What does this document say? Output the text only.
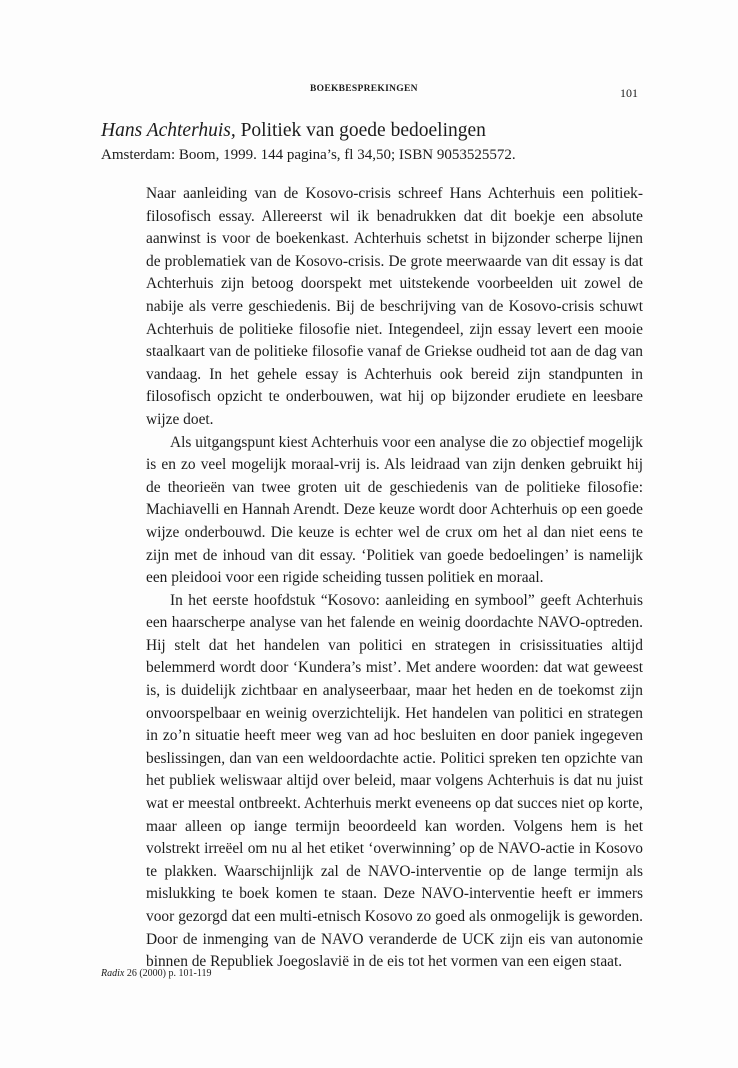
BOEKBESPREKINGEN	101
Hans Achterhuis, Politiek van goede bedoelingen
Amsterdam: Boom, 1999. 144 pagina’s, fl 34,50; ISBN 9053525572.

Naar aanleiding van de Kosovo-crisis schreef Hans Achterhuis een politiek-filosofisch essay. Allereerst wil ik benadrukken dat dit boekje een absolute aanwinst is voor de boekenkast. Achterhuis schetst in bijzonder scherpe lijnen de problematiek van de Kosovo-crisis. De grote meerwaarde van dit essay is dat Achterhuis zijn betoog doorspekt met uitstekende voorbeelden uit zowel de nabije als verre geschiedenis. Bij de beschrijving van de Kosovo-crisis schuwt Achterhuis de politieke filosofie niet. Integendeel, zijn essay levert een mooie staalkaart van de politieke filosofie vanaf de Griekse oudheid tot aan de dag van vandaag. In het gehele essay is Achterhuis ook bereid zijn standpunten in filosofisch opzicht te onderbouwen, wat hij op bijzonder erudiete en leesbare wijze doet.

Als uitgangspunt kiest Achterhuis voor een analyse die zo objectief mogelijk is en zo veel mogelijk moraal-vrij is. Als leidraad van zijn denken gebruikt hij de theorieën van twee groten uit de geschiedenis van de politieke filosofie: Machiavelli en Hannah Arendt. Deze keuze wordt door Achterhuis op een goede wijze onderbouwd. Die keuze is echter wel de crux om het al dan niet eens te zijn met de inhoud van dit essay. ‘Politiek van goede bedoelingen’ is namelijk een pleidooi voor een rigide scheiding tussen politiek en moraal.

In het eerste hoofdstuk “Kosovo: aanleiding en symbool” geeft Achterhuis een haarscherpe analyse van het falende en weinig doordachte NAVO-optreden. Hij stelt dat het handelen van politici en strategen in crisissituaties altijd belemmerd wordt door ‘Kundera’s mist’. Met andere woorden: dat wat geweest is, is duidelijk zichtbaar en analyseerbaar, maar het heden en de toekomst zijn onvoorspelbaar en weinig overzichtelijk. Het handelen van politici en strategen in zo’n situatie heeft meer weg van ad hoc besluiten en door paniek ingegeven beslissingen, dan van een weldoordachte actie. Politici spreken ten opzichte van het publiek weliswaar altijd over beleid, maar volgens Achterhuis is dat nu juist wat er meestal ontbreekt. Achterhuis merkt eveneens op dat succes niet op korte, maar alleen op iange termijn beoordeeld kan worden. Volgens hem is het volstrekt irreëel om nu al het etiket ‘overwinning’ op de NAVO-actie in Kosovo te plakken. Waarschijnlijk zal de NAVO-interventie op de lange termijn als mislukking te boek komen te staan. Deze NAVO-interventie heeft er immers voor gezorgd dat een multi-etnisch Kosovo zo goed als onmogelijk is geworden. Door de inmenging van de NAVO veranderde de UCK zijn eis van autonomie binnen de Republiek Joegoslavië in de eis tot het vormen van een eigen staat.

Radix 26 (2000) p. 101-119
